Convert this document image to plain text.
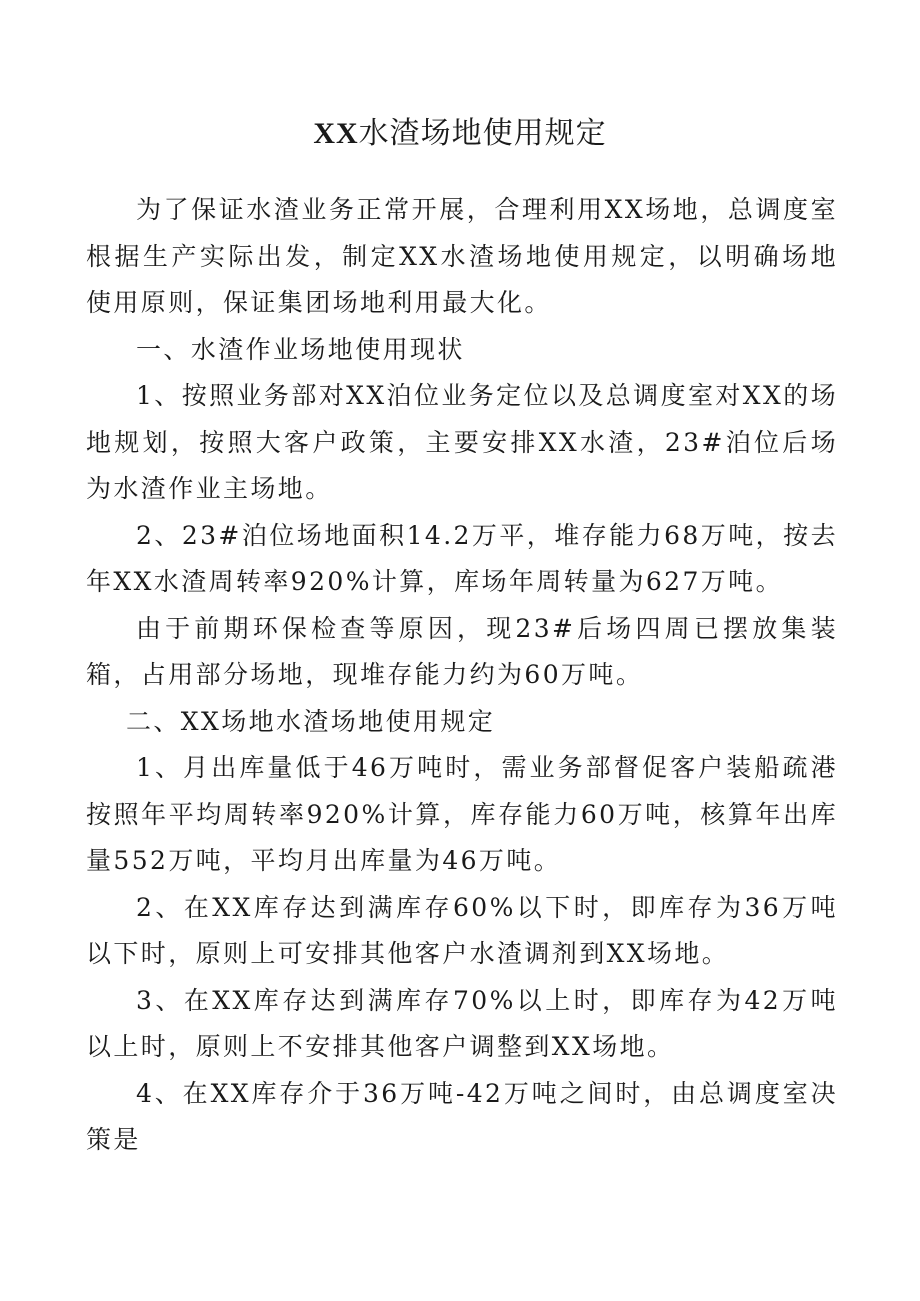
XX水渣场地使用规定

为了保证水渣业务正常开展，合理利用XX场地，总调度室根据生产实际出发，制定XX水渣场地使用规定，以明确场地使用原则，保证集团场地利用最大化。

一、水渣作业场地使用现状

1、按照业务部对XX泊位业务定位以及总调度室对XX的场地规划，按照大客户政策，主要安排XX水渣，23#泊位后场为水渣作业主场地。

2、23#泊位场地面积14.2万平，堆存能力68万吨，按去年XX水渣周转率920%计算，库场年周转量为627万吨。

由于前期环保检查等原因，现23#后场四周已摆放集装箱，占用部分场地，现堆存能力约为60万吨。

二、XX场地水渣场地使用规定

1、月出库量低于46万吨时，需业务部督促客户装船疏港按照年平均周转率920%计算，库存能力60万吨，核算年出库量552万吨，平均月出库量为46万吨。

2、在XX库存达到满库存60%以下时，即库存为36万吨以下时，原则上可安排其他客户水渣调剂到XX场地。

3、在XX库存达到满库存70%以上时，即库存为42万吨以上时，原则上不安排其他客户调整到XX场地。

4、在XX库存介于36万吨-42万吨之间时，由总调度室决策是
